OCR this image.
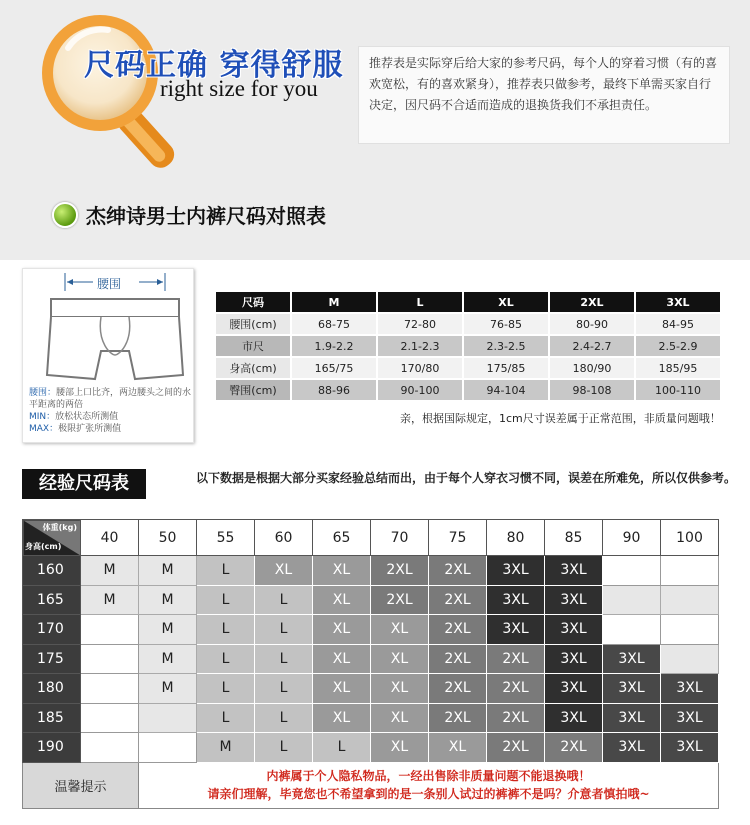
尺码正确 穿得舒服
right size for you
推荐表是实际穿后给大家的参考尺码，每个人的穿着习惯（有的喜欢宽松，有的喜欢紧身），推荐表只做参考，最终下单需买家自行决定，因尺码不合适而造成的退换货我们不承担责任。
杰绅诗男士内裤尺码对照表
腰围
腰围：腰部上口比齐，两边腰头之间的水平距离的两倍
MIN：放松状态所测值
MAX：极限扩张所测值
尺码	M	L	XL	2XL	3XL
腰围(cm)	68-75	72-80	76-85	80-90	84-95
市尺	1.9-2.2	2.1-2.3	2.3-2.5	2.4-2.7	2.5-2.9
身高(cm)	165/75	170/80	175/85	180/90	185/95
臀围(cm)	88-96	90-100	94-104	98-108	100-110
亲，根据国际规定，1cm尺寸误差属于正常范围，非质量问题哦！
经验尺码表	以下数据是根据大部分买家经验总结而出，由于每个人穿衣习惯不同，误差在所难免，所以仅供参考。
体重(kg)
身高(cm)	40	50	55	60	65	70	75	80	85	90	100
160	M	M	L	XL	XL	2XL	2XL	3XL	3XL		
165	M	M	L	L	XL	2XL	2XL	3XL	3XL		
170		M	L	L	XL	XL	2XL	3XL	3XL		
175		M	L	L	XL	XL	2XL	2XL	3XL	3XL	
180		M	L	L	XL	XL	2XL	2XL	3XL	3XL	3XL
185			L	L	XL	XL	2XL	2XL	3XL	3XL	3XL
190			M	L	L	XL	XL	2XL	2XL	3XL	3XL
温馨提示		内裤属于个人隐私物品，一经出售除非质量问题不能退换哦！
请亲们理解，毕竟您也不希望拿到的是一条别人试过的裤裤不是吗？介意者慎拍哦~									
